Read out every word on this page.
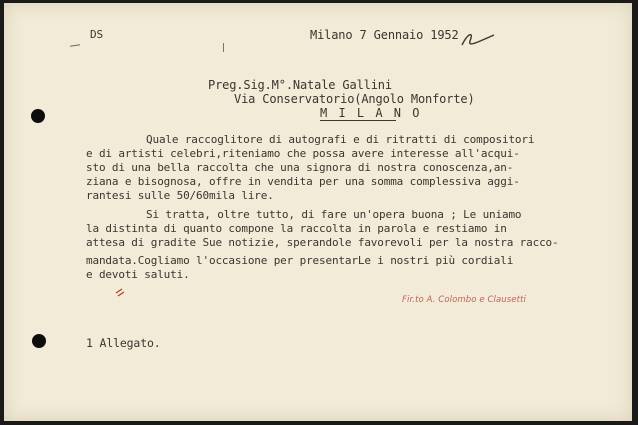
DS	Milano 7 Gennaio 1952
Preg.Sig.M°.Natale Gallini
Via Conservatorio(Angolo Monforte)
M I L A N O
Quale raccoglitore di autografi e di ritratti di compositori
e di artisti celebri,riteniamo che possa avere interesse all'acqui-
sto di una bella raccolta che una signora di nostra conoscenza,an-
ziana e bisognosa, offre in vendita per una somma complessiva aggi-
rantesi sulle 50/60mila lire.
Si tratta, oltre tutto, di fare un'opera buona ; Le uniamo
la distinta di quanto compone la raccolta in parola e restiamo in
attesa di gradite Sue notizie, sperandole favorevoli per la nostra racco-
mandata.Cogliamo l'occasione per presentarLe i nostri più cordiali
e devoti saluti.
Fir.to A. Colombo e Clausetti
1 Allegato.
